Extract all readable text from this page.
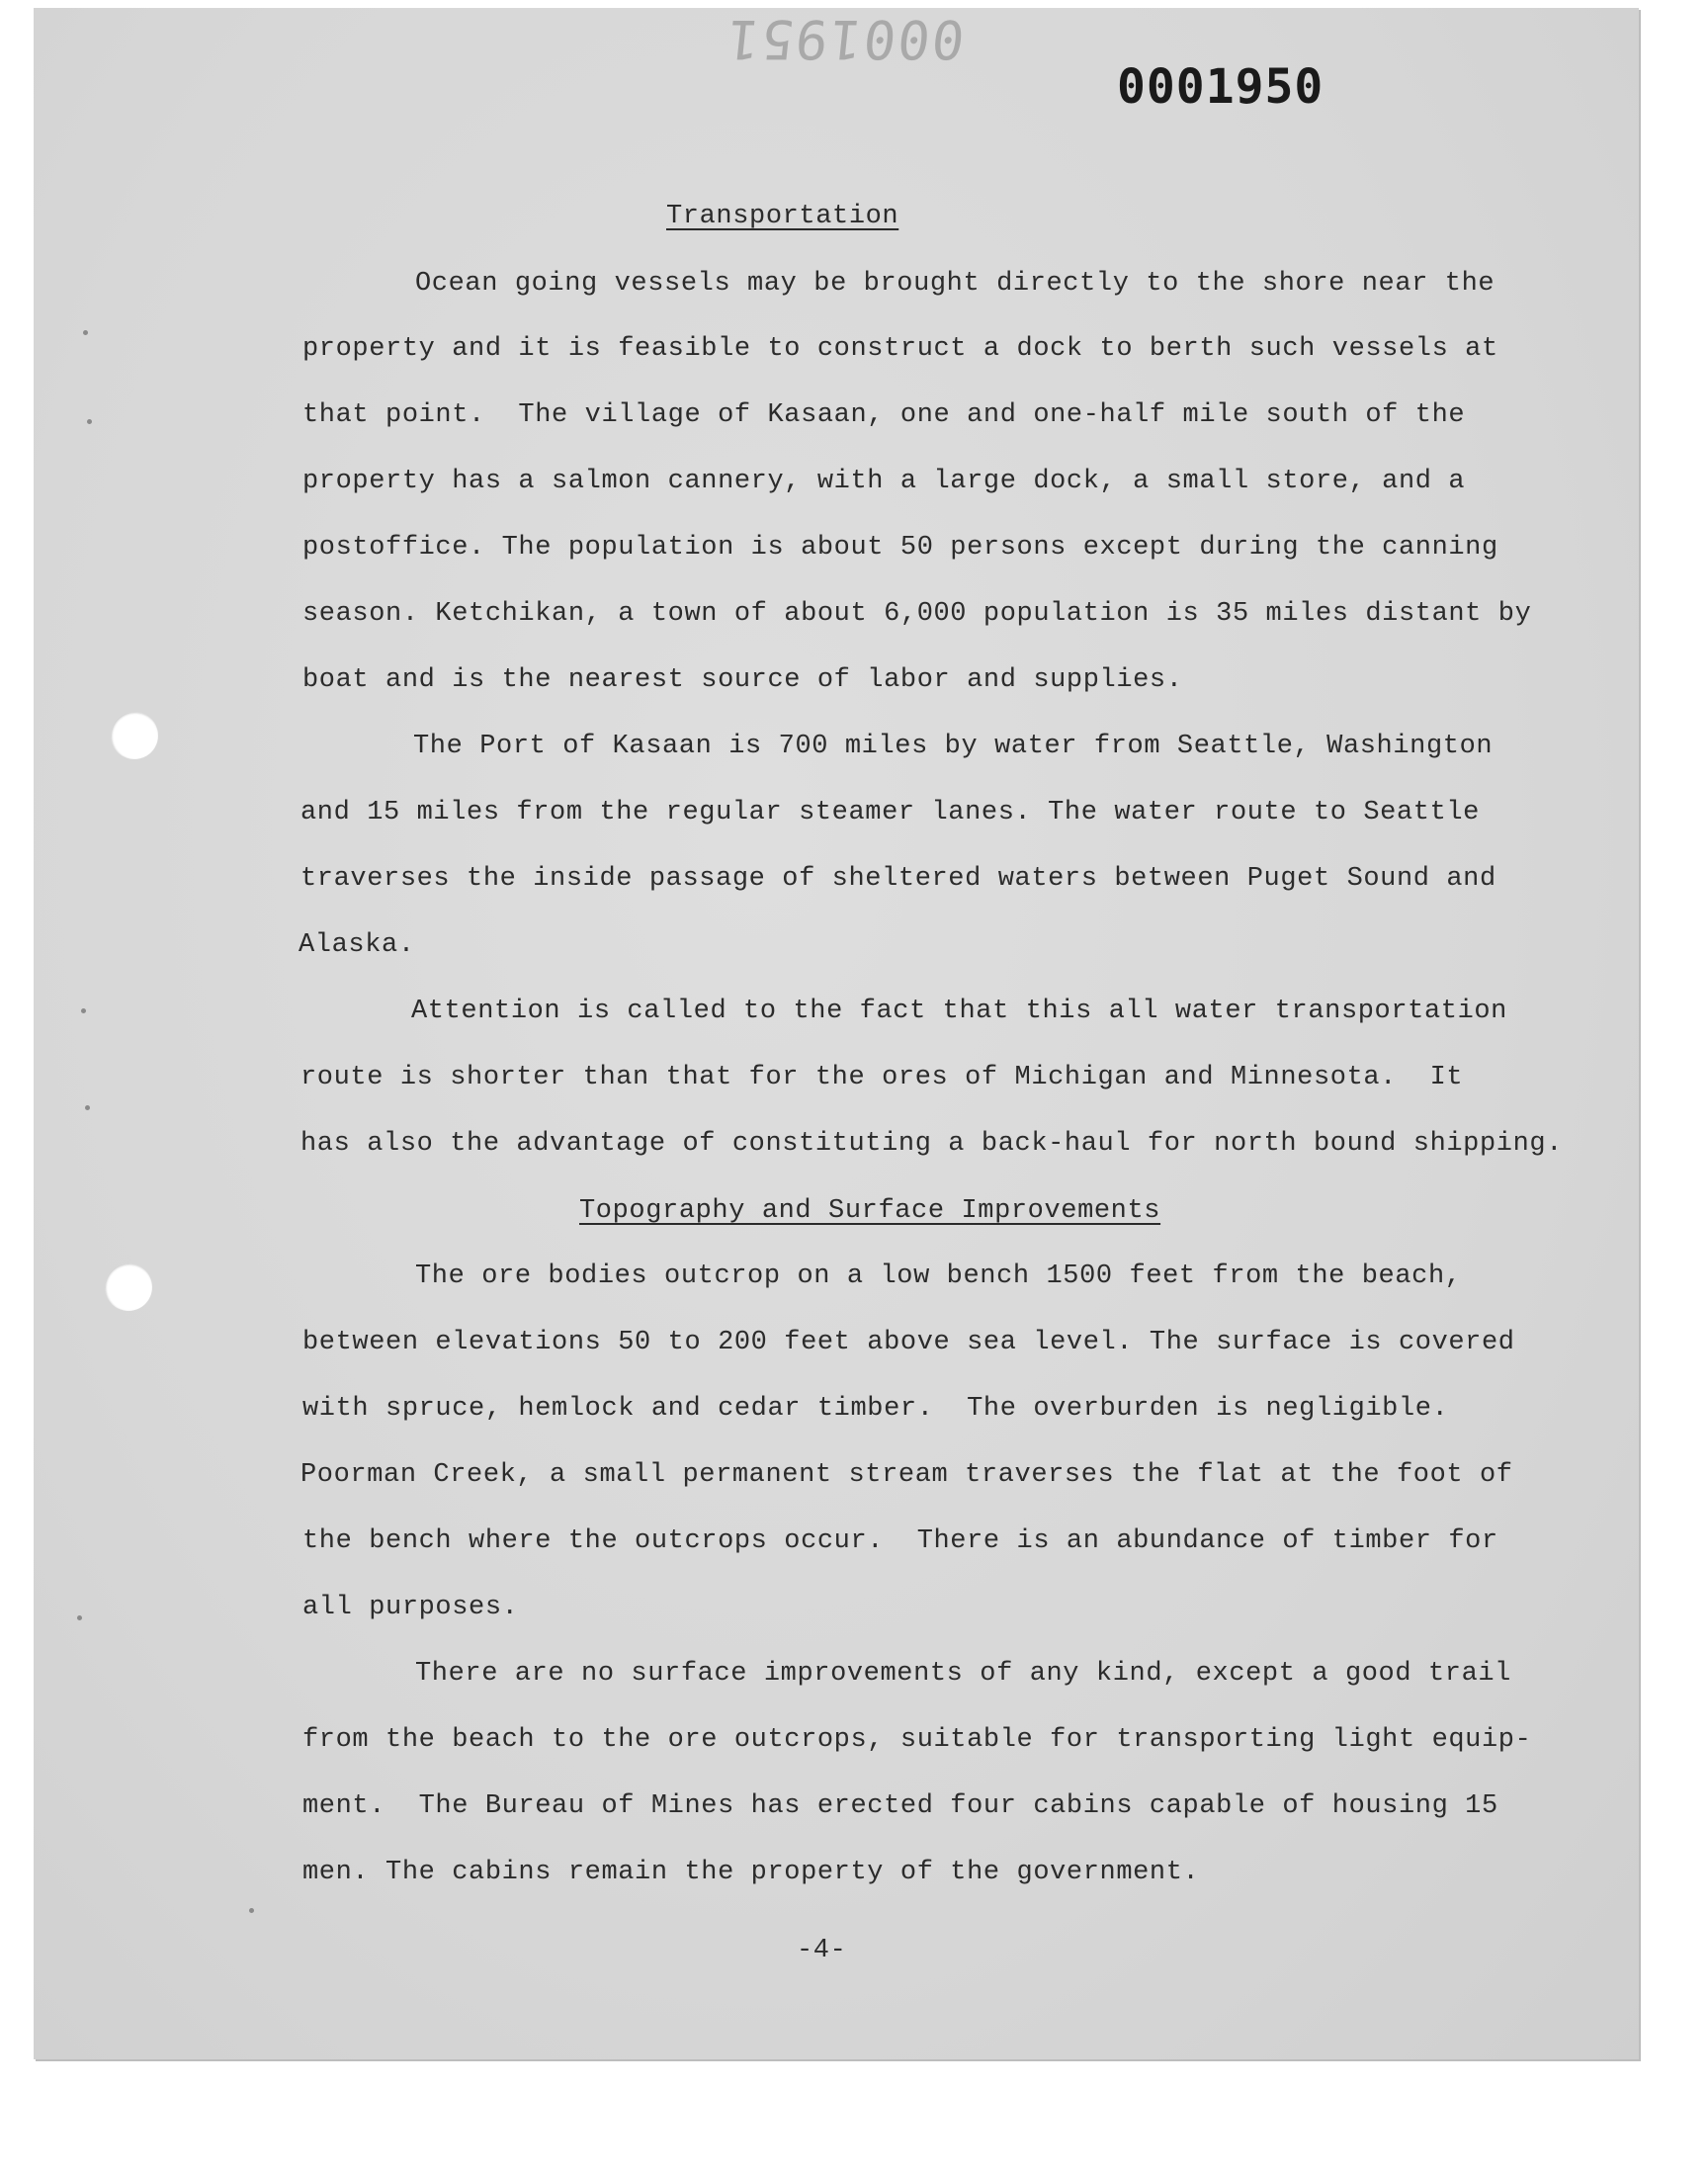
0001951
0001950

Transportation

Ocean going vessels may be brought directly to the shore near the

property and it is feasible to construct a dock to berth such vessels at

that point.  The village of Kasaan, one and one-half mile south of the

property has a salmon cannery, with a large dock, a small store, and a

postoffice. The population is about 50 persons except during the canning

season. Ketchikan, a town of about 6,000 population is 35 miles distant by

boat and is the nearest source of labor and supplies.

The Port of Kasaan is 700 miles by water from Seattle, Washington

and 15 miles from the regular steamer lanes. The water route to Seattle

traverses the inside passage of sheltered waters between Puget Sound and

Alaska.

Attention is called to the fact that this all water transportation

route is shorter than that for the ores of Michigan and Minnesota.  It

has also the advantage of constituting a back-haul for north bound shipping.

Topography and Surface Improvements

The ore bodies outcrop on a low bench 1500 feet from the beach,

between elevations 50 to 200 feet above sea level. The surface is covered

with spruce, hemlock and cedar timber.  The overburden is negligible.

Poorman Creek, a small permanent stream traverses the flat at the foot of

the bench where the outcrops occur.  There is an abundance of timber for

all purposes.

There are no surface improvements of any kind, except a good trail

from the beach to the ore outcrops, suitable for transporting light equip-

ment.  The Bureau of Mines has erected four cabins capable of housing 15

men. The cabins remain the property of the government.

-4-
